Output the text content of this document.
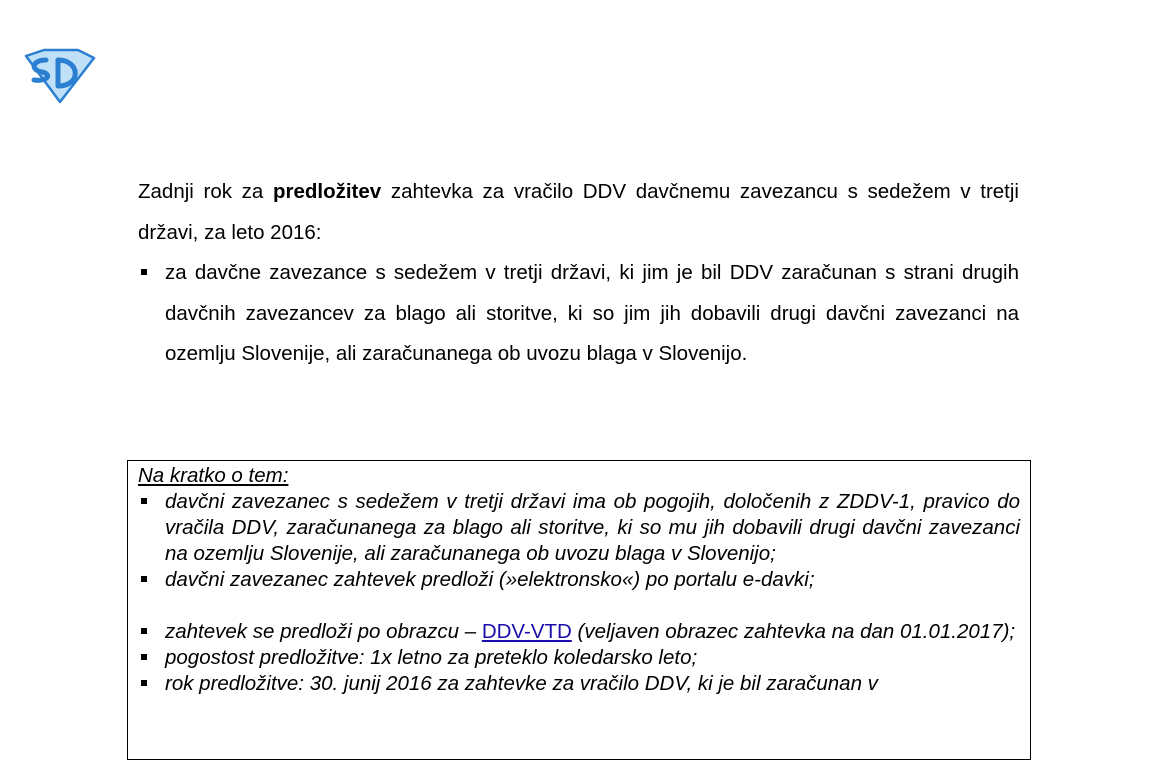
Zadnji rok za predložitev zahtevka za vračilo DDV davčnemu zavezancu s sedežem v tretji državi, za leto 2016:

za davčne zavezance s sedežem v tretji državi, ki jim je bil DDV zaračunan s strani drugih davčnih zavezancev za blago ali storitve, ki so jim jih dobavili drugi davčni zavezanci na ozemlju Slovenije, ali zaračunanega ob uvozu blaga v Slovenijo.
Na kratko o tem:
davčni zavezanec s sedežem v tretji državi ima ob pogojih, določenih z ZDDV-1, pravico do vračila DDV, zaračunanega za blago ali storitve, ki so mu jih dobavili drugi davčni zavezanci na ozemlju Slovenije, ali zaračunanega ob uvozu blaga v Slovenijo;
davčni zavezanec zahtevek predloži (»elektronsko«) po portalu e-davki;
zahtevek se predloži po obrazcu – DDV-VTD (veljaven obrazec zahtevka na dan 01.01.2017);
pogostost predložitve: 1x letno za preteklo koledarsko leto;
rok predložitve: 30. junij 2016 za zahtevke za vračilo DDV, ki je bil zaračunan v
